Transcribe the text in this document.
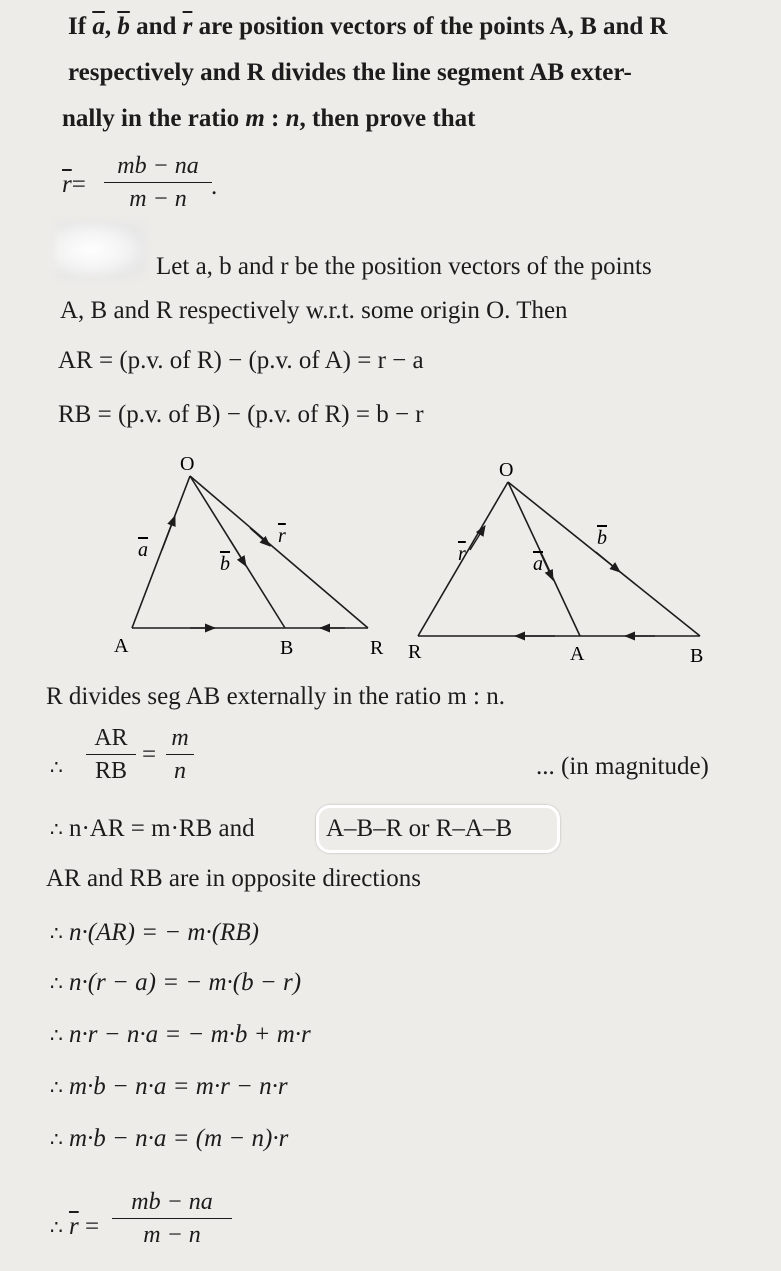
If $\overline{a}$, $\overline{b}$ and $\overline{r}$ are position vectors of the points A, B and R
respectively and R divides the line segment AB exter-
nally in the ratio m : n, then prove that
$\overline{r}=$
mb − na
m − n .
Let a, b and r be the position vectors of the points
A, B and R respectively w.r.t. some origin O. Then
AR = (p.v. of R) − (p.v. of A) = r − a
RB = (p.v. of B) − (p.v. of R) = b − r
O
A	B	R
a
b
r
O
R	A	B
r	a
b
R divides seg AB externally in the ratio m : n.
∴
AR
RB
=
m
n	... (in magnitude)
∴ n·AR = m·RB and	A–B–R or R–A–B
AR and RB are in opposite directions
∴ n·(AR) = − m·(RB)
∴ n·(r − a) = − m·(b − r)
∴ n·r − n·a = − m·b + m·r
∴ m·b − n·a = m·r − n·r
∴ m·b − n·a = (m − n)·r
∴ $\overline{r}$ =
mb − na
m − n
